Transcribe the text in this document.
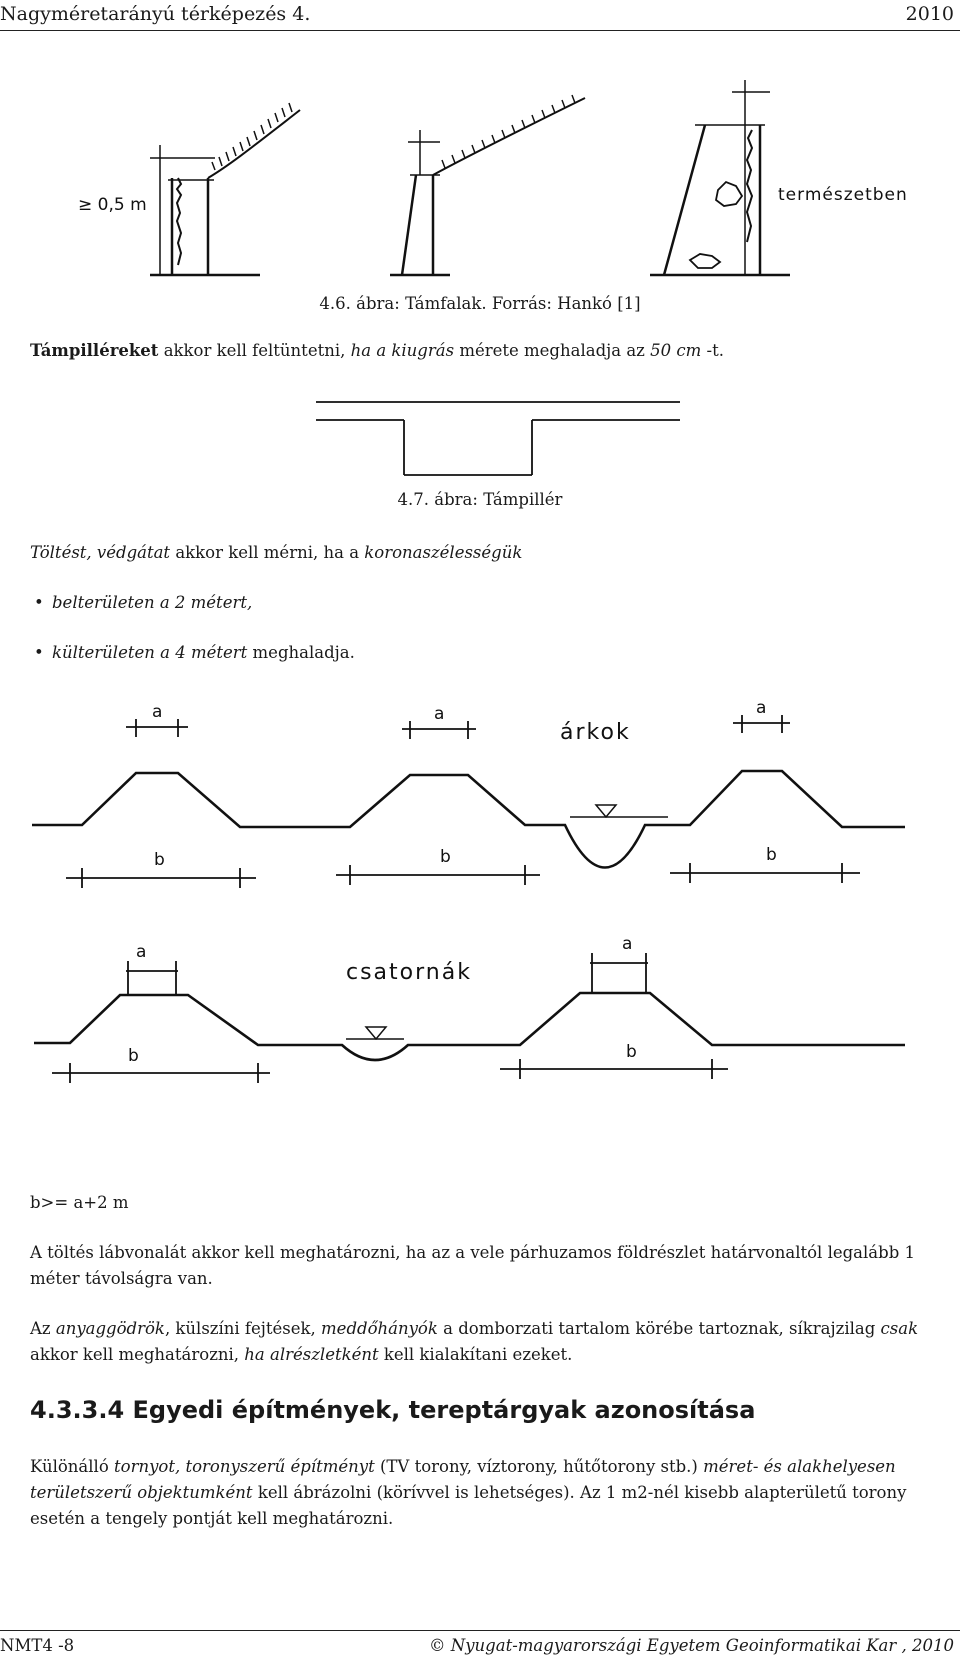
Nagyméretarányú térképezés 4.	2010
≥ 0,5 m	természetben
4.6. ábra: Támfalak. Forrás: Hankó [1]
Támpilléreket akkor kell feltüntetni, ha a kiugrás mérete meghaladja az 50 cm -t.
4.7. ábra: Támpillér
Töltést, védgátat akkor kell mérni, ha a koronaszélességük
• belterületen a 2 métert,
• külterületen a 4 métert meghaladja.
a	a	a
b	b	b
a	a
b	b
árkok
csatornák
b>= a+2 m
A töltés lábvonalát akkor kell meghatározni, ha az a vele párhuzamos földrészlet határvonaltól legalább 1 méter távolságra van.
Az anyaggödrök, külszíni fejtések, meddőhányók a domborzati tartalom körébe tartoznak, síkrajzilag csak akkor kell meghatározni, ha alrészletként kell kialakítani ezeket.
4.3.3.4 Egyedi építmények, tereptárgyak azonosítása
Különálló tornyot, toronyszerű építményt (TV torony, víztorony, hűtőtorony stb.) méret- és alakhelyesen területszerű objektumként kell ábrázolni (körívvel is lehetséges). Az 1 m2-nél kisebb alapterületű torony esetén a tengely pontját kell meghatározni.
NMT4 -8	© Nyugat-magyarországi Egyetem Geoinformatikai Kar , 2010
